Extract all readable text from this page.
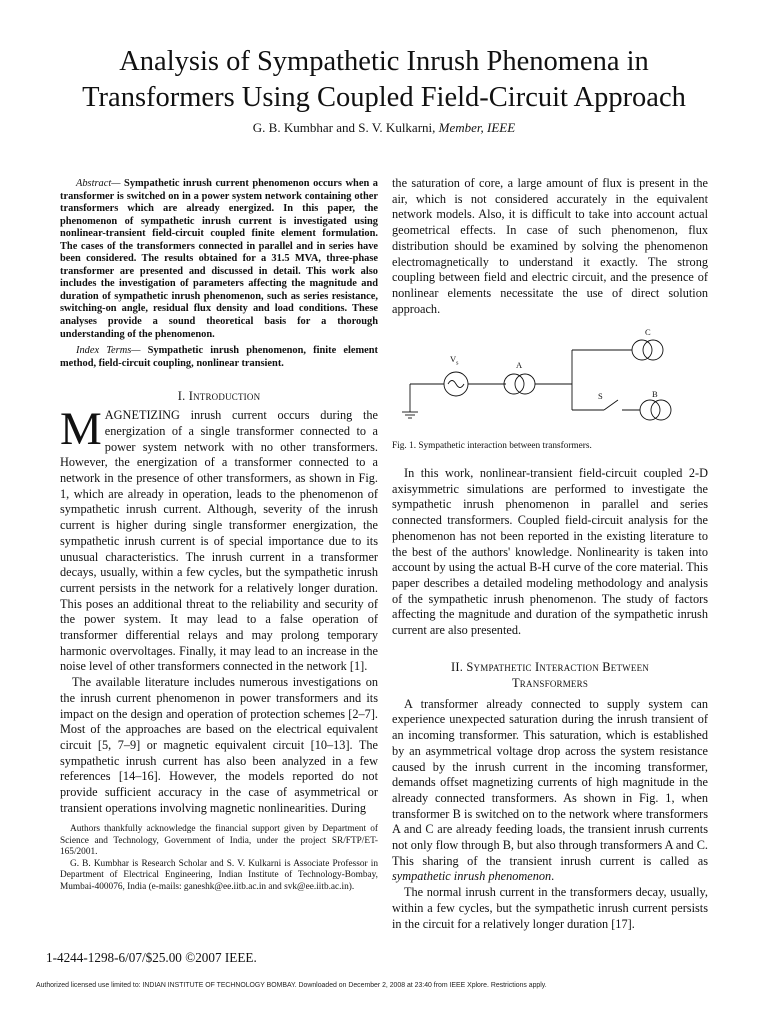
Analysis of Sympathetic Inrush Phenomena in
Transformers Using Coupled Field-Circuit Approach
G. B. Kumbhar and S. V. Kulkarni, Member, IEEE

Abstract— Sympathetic inrush current phenomenon occurs when a transformer is switched on in a power system network containing other transformers which are already energized. In this paper, the phenomenon of sympathetic inrush current is investigated using nonlinear-transient field-circuit coupled finite element formulation. The cases of the transformers connected in parallel and in series have been considered. The results obtained for a 31.5 MVA, three-phase transformer are presented and discussed in detail. This work also includes the investigation of parameters affecting the magnitude and duration of sympathetic inrush phenomenon, such as series resistance, switching-on angle, residual flux density and load conditions. These analyses provide a sound theoretical basis for a thorough understanding of the phenomenon.

Index Terms— Sympathetic inrush phenomenon, finite element method, field-circuit coupling, nonlinear transient.

I. Introduction

MAGNETIZING inrush current occurs during the energization of a single transformer connected to a power system network with no other transformers. However, the energization of a transformer connected to a network in the presence of other transformers, as shown in Fig. 1, which are already in operation, leads to the phenomenon of sympathetic inrush current. Although, severity of the inrush current is higher during single transformer energization, the sympathetic inrush current is of special importance due to its unusual characteristics. The inrush current in a transformer decays, usually, within a few cycles, but the sympathetic inrush current persists in the network for a relatively longer duration. This poses an additional threat to the reliability and security of the power system. It may lead to a false operation of transformer differential relays and may prolong temporary harmonic overvoltages. Finally, it may lead to an increase in the noise level of other transformers connected in the network [1].

The available literature includes numerous investigations on the inrush current phenomenon in power transformers and its impact on the design and operation of protection schemes [2–7]. Most of the approaches are based on the electrical equivalent circuit [5, 7–9] or magnetic equivalent circuit [10–13]. The sympathetic inrush current has also been analyzed in a few references [14–16]. However, the models reported do not provide sufficient accuracy in the case of asymmetrical or transient operations involving magnetic nonlinearities. During

Authors thankfully acknowledge the financial support given by Department of Science and Technology, Government of India, under the project SR/FTP/ET-165/2001.

G. B. Kumbhar is Research Scholar and S. V. Kulkarni is Associate Professor in Department of Electrical Engineering, Indian Institute of Technology-Bombay, Mumbai-400076, India (e-mails: ganeshk@ee.iitb.ac.in and svk@ee.iitb.ac.in).

the saturation of core, a large amount of flux is present in the air, which is not considered accurately in the equivalent network models. Also, it is difficult to take into account actual geometrical effects. In case of such phenomenon, flux distribution should be examined by solving the phenomenon electromagnetically to understand it exactly. The strong coupling between field and electric circuit, and the presence of nonlinear elements necessitate the use of direct solution approach.

$V_s$	A
C
S	B

Fig. 1. Sympathetic interaction between transformers.

In this work, nonlinear-transient field-circuit coupled 2-D axisymmetric simulations are performed to investigate the sympathetic inrush phenomenon in parallel and series connected transformers. Coupled field-circuit analysis for the phenomenon has not been reported in the existing literature to the best of the authors' knowledge. Nonlinearity is taken into account by using the actual B-H curve of the core material. This paper describes a detailed modeling methodology and analysis of the sympathetic inrush phenomenon. The study of factors affecting the magnitude and duration of the sympathetic inrush current are also presented.

II. Sympathetic Interaction Between
Transformers

A transformer already connected to supply system can experience unexpected saturation during the inrush transient of an incoming transformer. This saturation, which is established by an asymmetrical voltage drop across the system resistance caused by the inrush current in the incoming transformer, demands offset magnetizing currents of high magnitude in the already connected transformers. As shown in Fig. 1, when transformer B is switched on to the network where transformers A and C are already feeding loads, the transient inrush currents not only flow through B, but also through transformers A and C. This sharing of the transient inrush current is called as sympathetic inrush phenomenon.

The normal inrush current in the transformers decay, usually, within a few cycles, but the sympathetic inrush current persists in the circuit for a relatively longer duration [17].

1-4244-1298-6/07/$25.00 ©2007 IEEE.
Authorized licensed use limited to: INDIAN INSTITUTE OF TECHNOLOGY BOMBAY. Downloaded on December 2, 2008 at 23:40 from IEEE Xplore. Restrictions apply.
